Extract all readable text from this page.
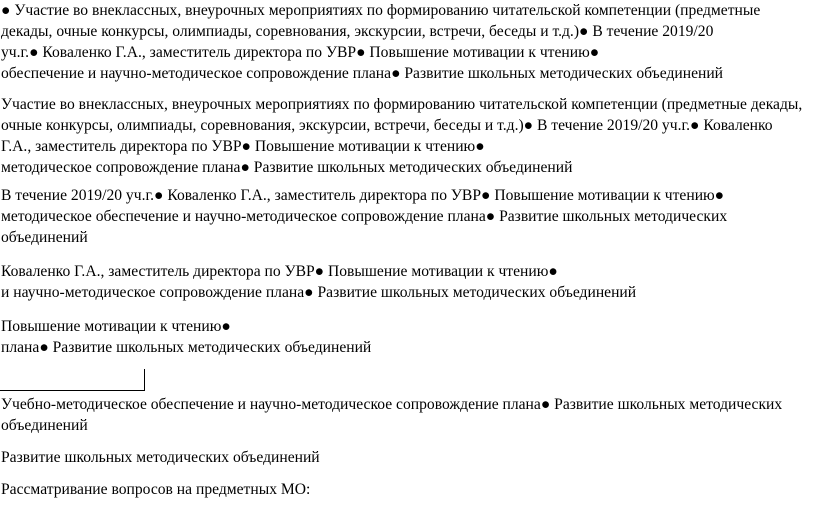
● Участие во внеклассных, внеурочных мероприятиях по формированию читательской компетенции (предметные
декады, очные конкурсы, олимпиады, соревнования, экскурсии, встречи, беседы и т.д.)● В течение 2019/20
уч.г.● Коваленко Г.А., заместитель директора по УВР● Повышение мотивации к чтению●
обеспечение и научно-методическое сопровождение плана● Развитие школьных методических объединений

Участие во внеклассных, внеурочных мероприятиях по формированию читательской компетенции (предметные декады,
очные конкурсы, олимпиады, соревнования, экскурсии, встречи, беседы и т.д.)● В течение 2019/20 уч.г.● Коваленко
Г.А., заместитель директора по УВР● Повышение мотивации к чтению●
методическое сопровождение плана● Развитие школьных методических объединений

В течение 2019/20 уч.г.● Коваленко Г.А., заместитель директора по УВР● Повышение мотивации к чтению●
методическое обеспечение и научно-методическое сопровождение плана● Развитие школьных методических
объединений

Коваленко Г.А., заместитель директора по УВР● Повышение мотивации к чтению●
и научно-методическое сопровождение плана● Развитие школьных методических объединений

Повышение мотивации к чтению●
плана● Развитие школьных методических объединений

Учебно-методическое обеспечение и научно-методическое сопровождение плана● Развитие школьных методических
объединений

Развитие школьных методических объединений

Рассматривание вопросов на предметных МО:
